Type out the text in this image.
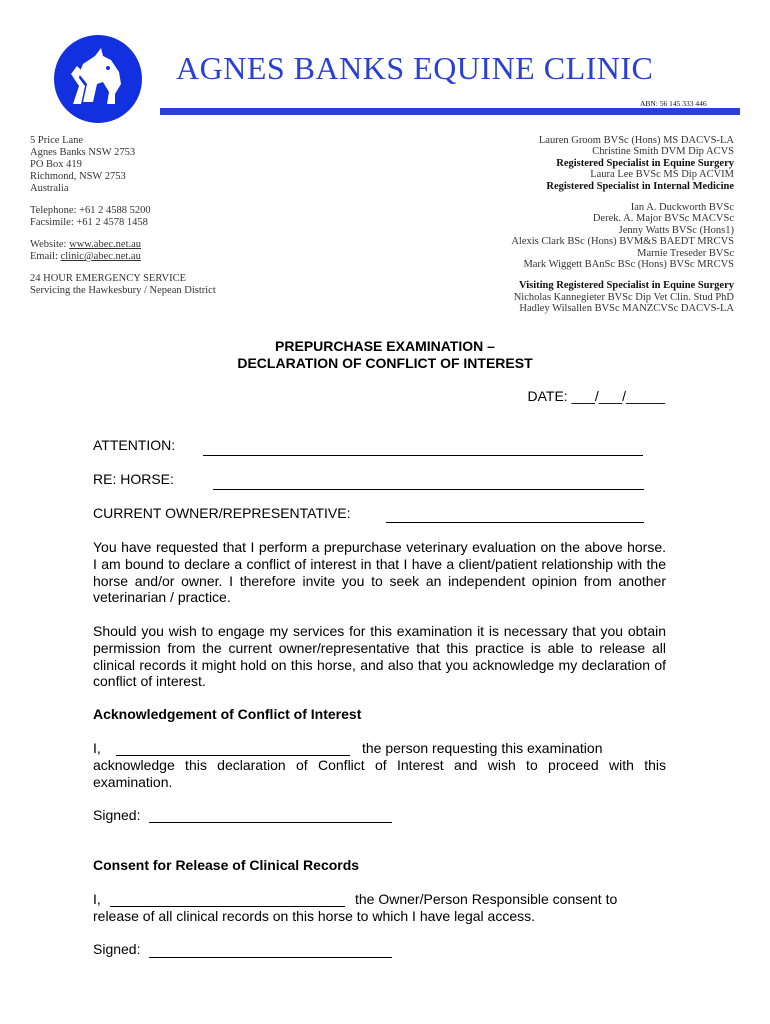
AGNES BANKS EQUINE CLINIC
ABN: 56 145 333 446
5 Price Lane
Agnes Banks NSW 2753
PO Box 419
Richmond, NSW 2753
Australia
Telephone: +61 2 4588 5200
Facsimile: +61 2 4578 1458
Website: www.abec.net.au
Email: clinic@abec.net.au
24 HOUR EMERGENCY SERVICE
Servicing the Hawkesbury / Nepean District
Lauren Groom BVSc (Hons) MS DACVS-LA
Christine Smith DVM Dip ACVS
Registered Specialist in Equine Surgery
Laura Lee BVSc MS Dip ACVIM
Registered Specialist in Internal Medicine
Ian A. Duckworth BVSc
Derek. A. Major BVSc MACVSc
Jenny Watts BVSc (Hons1)
Alexis Clark BSc (Hons) BVM&S BAEDT MRCVS
Marnie Treseder BVSc
Mark Wiggett BAnSc BSc (Hons) BVSc MRCVS
Visiting Registered Specialist in Equine Surgery
Nicholas Kannegieter BVSc Dip Vet Clin. Stud PhD
Hadley Wilsallen BVSc MANZCVSc DACVS-LA
PREPURCHASE EXAMINATION –
DECLARATION OF CONFLICT OF INTEREST
DATE: ___/___/_____
ATTENTION:
RE: HORSE:
CURRENT OWNER/REPRESENTATIVE:
You have requested that I perform a prepurchase veterinary evaluation on the above horse. I am bound to declare a conflict of interest in that I have a client/patient relationship with the horse and/or owner. I therefore invite you to seek an independent opinion from another veterinarian / practice.
Should you wish to engage my services for this examination it is necessary that you obtain permission from the current owner/representative that this practice is able to release all clinical records it might hold on this horse, and also that you acknowledge my declaration of conflict of interest.
Acknowledgement of Conflict of Interest
I,	the person requesting this examination
acknowledge this declaration of Conflict of Interest and wish to proceed with this examination.
Signed:
Consent for Release of Clinical Records
I,	the Owner/Person Responsible consent to
release of all clinical records on this horse to which I have legal access.
Signed:
